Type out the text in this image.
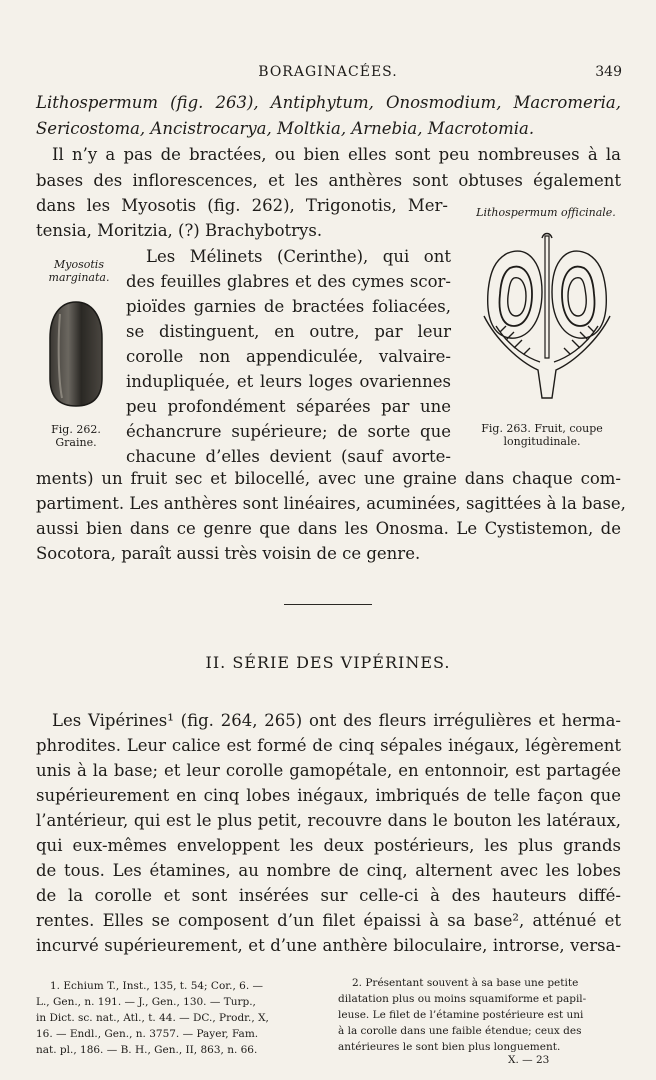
BORAGINACÉES.	349
Lithospermum (fig. 263), Antiphytum, Onosmodium, Macromeria,
Sericostoma, Ancistrocarya, Moltkia, Arnebia, Macrotomia.
Il n’y a pas de bractées, ou bien elles sont peu nombreuses à la
bases des inflorescences, et les anthères sont obtuses également
dans les Myosotis (fig. 262), Trigonotis, Mer-
tensia, Moritzia, (?) Brachybotrys.
Lithospermum officinale.
Myosotis
marginata.
Fig. 262.
Graine.
Les Mélinets (Cerinthe), qui ont
des feuilles glabres et des cymes scor-
pioïdes garnies de bractées foliacées,
se distinguent, en outre, par leur
corolle non appendiculée, valvaire-
indupliquée, et leurs loges ovariennes
peu profondément séparées par une
échancrure supérieure; de sorte que
chacune d’elles devient (sauf avorte-
Fig. 263. Fruit, coupe
longitudinale.
ments) un fruit sec et bilocellé, avec une graine dans chaque com-
partiment. Les anthères sont linéaires, acuminées, sagittées à la base,
aussi bien dans ce genre que dans les Onosma. Le Cystistemon, de
Socotora, paraît aussi très voisin de ce genre.
II. SÉRIE DES VIPÉRINES.
Les Vipérines¹ (fig. 264, 265) ont des fleurs irrégulières et herma-
phrodites. Leur calice est formé de cinq sépales inégaux, légèrement
unis à la base; et leur corolle gamopétale, en entonnoir, est partagée
supérieurement en cinq lobes inégaux, imbriqués de telle façon que
l’antérieur, qui est le plus petit, recouvre dans le bouton les latéraux,
qui eux-mêmes enveloppent les deux postérieurs, les plus grands
de tous. Les étamines, au nombre de cinq, alternent avec les lobes
de la corolle et sont insérées sur celle-ci à des hauteurs diffé-
rentes. Elles se composent d’un filet épaissi à sa base², atténué et
incurvé supérieurement, et d’une anthère biloculaire, introrse, versa-
1. Echium T., Inst., 135, t. 54; Cor., 6. —
L., Gen., n. 191. — J., Gen., 130. — Turp.,
in Dict. sc. nat., Atl., t. 44. — DC., Prodr., X,
16. — Endl., Gen., n. 3757. — Payer, Fam.
nat. pl., 186. — B. H., Gen., II, 863, n. 66.
2. Présentant souvent à sa base une petite
dilatation plus ou moins squamiforme et papil-
leuse. Le filet de l’étamine postérieure est uni
à la corolle dans une faible étendue; ceux des
antérieures le sont bien plus longuement.
X. — 23
